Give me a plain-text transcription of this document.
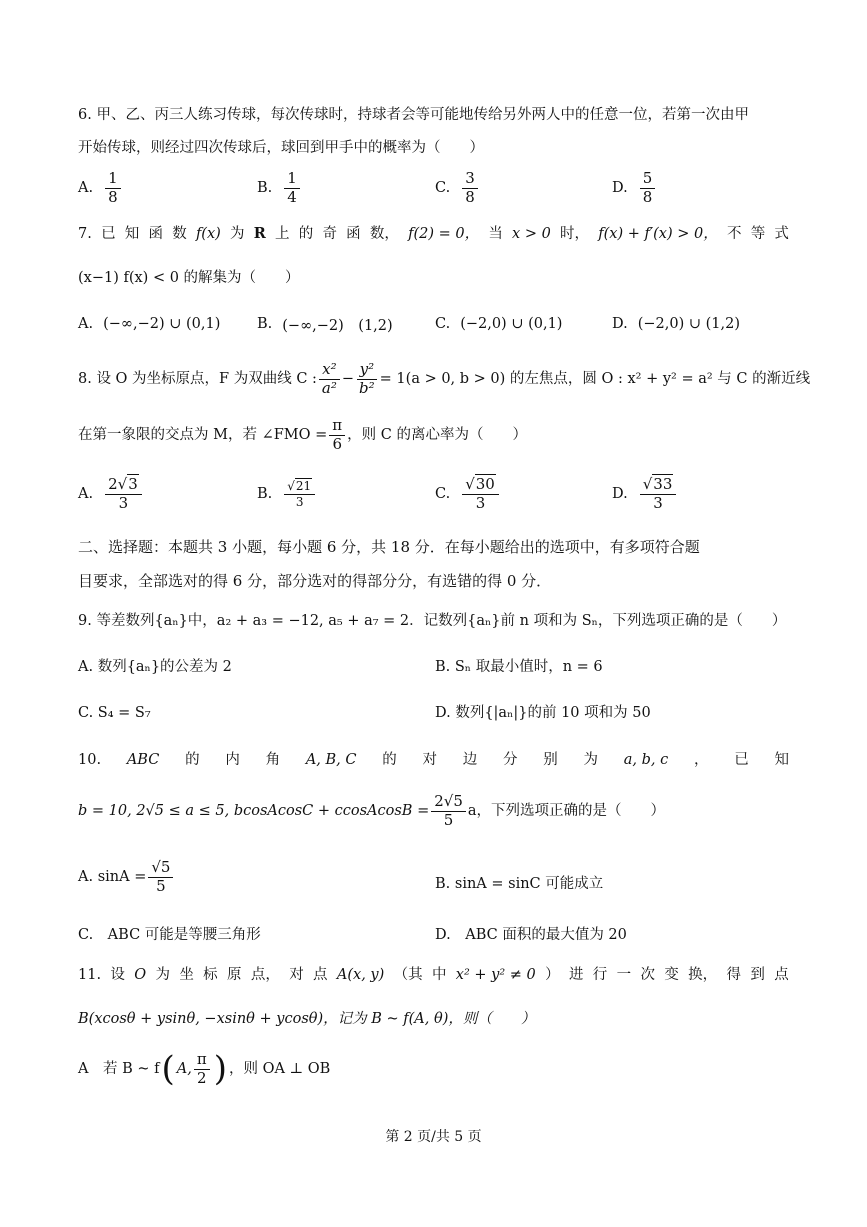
6. 甲、乙、丙三人练习传球，每次传球时，持球者会等可能地传给另外两人中的任意一位，若第一次由甲
开始传球，则经过四次传球后，球回到甲手中的概率为（　　）
A. $\frac{1}{8}$	B. $\frac{1}{4}$	C. $\frac{3}{8}$	D. $\frac{5}{8}$
7. 已 知 函 数 f(x) 为 R 上 的 奇 函 数， f(2) = 0， 当 x > 0 时， f(x) + f′(x) > 0， 不 等 式
(x−1) f(x) < 0 的解集为（　　）
A. (−∞,−2) ∪ (0,1)	B. (−∞,−2)　(1,2)	C. (−2,0) ∪ (0,1)	D. (−2,0) ∪ (1,2)
8. 设 O 为坐标原点，F 为双曲线 C : $\frac{\text{x²}}{\text{a²}} - \frac{\text{y²}}{\text{b²}} = 1(a > 0$, b > 0) 的左焦点，圆 O : x² + y² = a² 与 C 的渐近线
在第一象限的交点为 M，若 ∠FMO = $\frac{\pi}{6}$ ，则 C 的离心率为（　　）
A. $\frac{2√3}{3}$	B. $\frac{√21}{3}$	C. $\frac{√30}{3}$	D. $\frac{√33}{3}$
二、选择题：本题共 3 小题，每小题 6 分，共 18 分．在每小题给出的选项中，有多项符合题
目要求，全部选对的得 6 分，部分选对的得部分分，有选错的得 0 分．
9. 等差数列{aₙ}中，a₂ + a₃ = −12, a₅ + a₇ = 2．记数列{aₙ}前 n 项和为 Sₙ，下列选项正确的是（　　）
A. 数列{aₙ}的公差为 2	B. Sₙ 取最小值时，n = 6
C. S₄ = S₇	D. 数列{|aₙ|}的前 10 项和为 50
10. ABC 的 内 角 A, B, C 的 对 边 分 别 为 a, b, c ， 已 知
b = 10, 2√5 ≤ a ≤ 5, bcosAcosC + ccosAcosB = $\frac{2√5}{5}$ a，下列选项正确的是（　　）
A. $\sin A = \frac{√5}{5}$	B. sinA = sinC 可能成立
C.　ABC 可能是等腰三角形	D.　ABC 面积的最大值为 20
11. 设 O 为 坐 标 原 点， 对 点 A(x, y) （其 中 x² + y² ≠ 0 ） 进 行 一 次 变 换， 得 到 点
B(xcosθ + ysinθ, −xsinθ + ycosθ)，记为 B ~ f(A, θ)，则（　　）
A　若 B ~ f ( A, $\frac{\pi}{2}$ ) ，则 OA ⊥ OB
第 2 页/共 5 页
